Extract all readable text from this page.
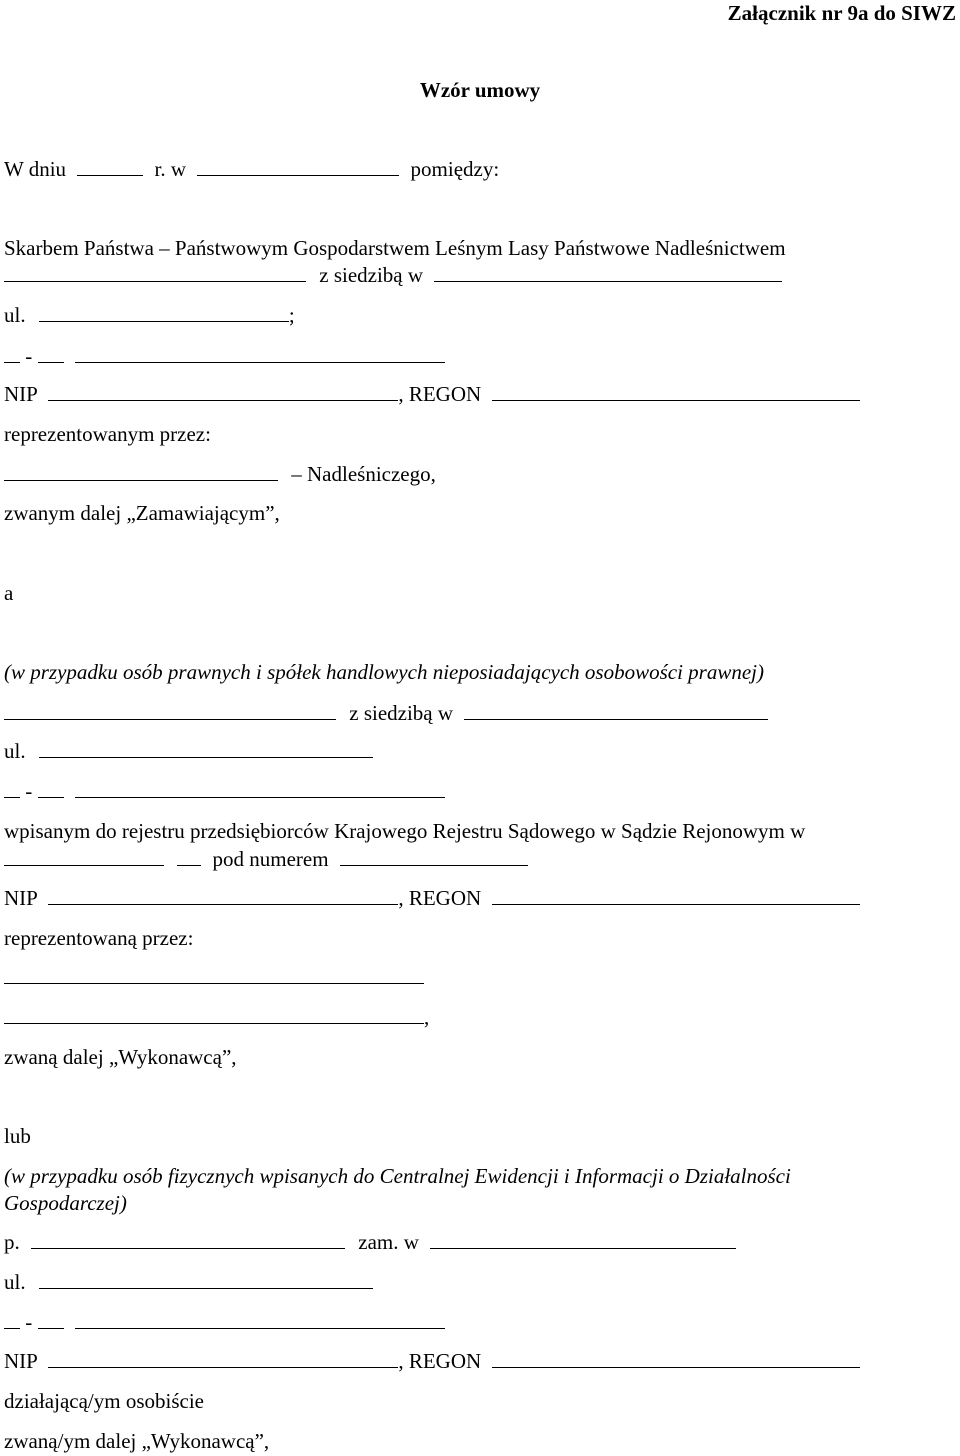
Załącznik nr 9a do SIWZ
Wzór umowy
W dniu	r. w	pomiędzy:
Skarbem Państwa – Państwowym Gospodarstwem Leśnym Lasy Państwowe Nadleśnictwem
z siedzibą w
ul.	;
-
NIP	, REGON
reprezentowanym przez:
– Nadleśniczego,
zwanym dalej „Zamawiającym”,
a
(w przypadku osób prawnych i spółek handlowych nieposiadających osobowości prawnej)
z siedzibą w
ul.
-
wpisanym do rejestru przedsiębiorców Krajowego Rejestru Sądowego w Sądzie Rejonowym w
pod numerem
NIP	, REGON
reprezentowaną przez:
,
zwaną dalej „Wykonawcą”,
lub
(w przypadku osób fizycznych wpisanych do Centralnej Ewidencji i Informacji o Działalności
Gospodarczej)
p.	zam. w
ul.
-
NIP	, REGON
działającą/ym osobiście
zwaną/ym dalej „Wykonawcą”,
